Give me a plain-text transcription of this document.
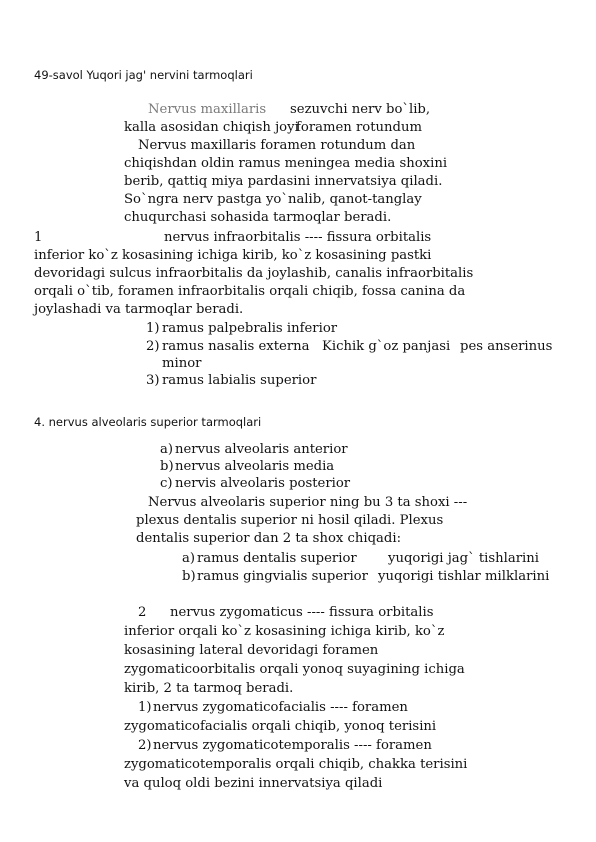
49-savol Yuqori jag' nervini tarmoqlari
Nervus maxillaris sezuvchi nerv bo`lib,
kalla asosidan chiqish joyi
foramen rotundum
Nervus maxillaris foramen rotundum dan
chiqishdan oldin ramus meningea media shoxini
berib, qattiq miya pardasini innervatsiya qiladi.
So`ngra nerv pastga yo`nalib, qanot-tanglay
chuqurchasi sohasida tarmoqlar beradi.
1	nervus infraorbitalis ---- fissura orbitalis
inferior ko`z kosasining ichiga kirib, ko`z kosasining pastki
devoridagi sulcus infraorbitalis da joylashib, canalis infraorbitalis
orqali o`tib, foramen infraorbitalis orqali chiqib, fossa canina da
joylashadi va tarmoqlar beradi.
1) ramus palpebralis inferior
2) ramus nasalis externa Kichik g`oz panjasi pes anserinus
minor
3) ramus labialis superior
4. nervus alveolaris superior tarmoqlari
a) nervus alveolaris anterior
b) nervus alveolaris media
c) nervis alveolaris posterior
Nervus alveolaris superior ning bu 3 ta shoxi ---
plexus dentalis superior ni hosil qiladi. Plexus
dentalis superior dan 2 ta shox chiqadi:
a) ramus dentalis superior yuqorigi jag` tishlarini
b) ramus gingvialis superior yuqorigi tishlar milklarini
2 nervus zygomaticus ---- fissura orbitalis
inferior orqali ko`z kosasining ichiga kirib, ko`z
kosasining lateral devoridagi foramen
zygomaticoorbitalis orqali yonoq suyagining ichiga
kirib, 2 ta tarmoq beradi.
1) nervus zygomaticofacialis ---- foramen
zygomaticofacialis orqali chiqib, yonoq terisini
2) nervus zygomaticotemporalis ---- foramen
zygomaticotemporalis orqali chiqib, chakka terisini
va quloq oldi bezini innervatsiya qiladi
